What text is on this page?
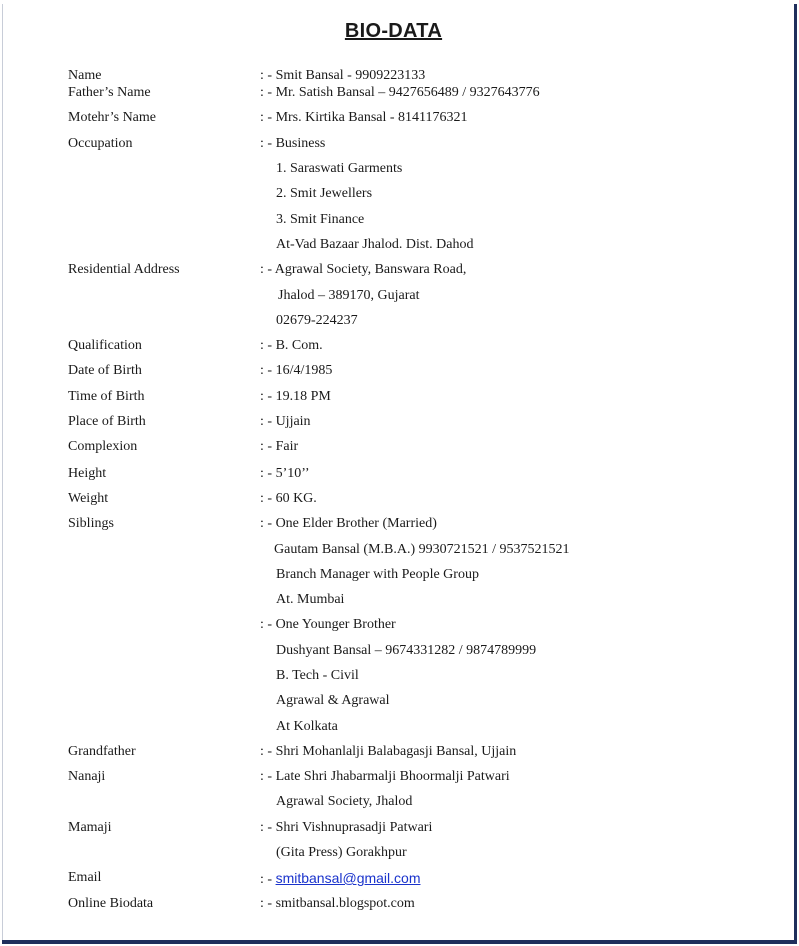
BIO-DATA
Name	: - Smit Bansal - 9909223133
Father’s Name	: - Mr. Satish Bansal – 9427656489 / 9327643776
Motehr’s Name	: - Mrs. Kirtika Bansal - 8141176321
Occupation	: - Business
1. Saraswati Garments
2. Smit Jewellers
3. Smit Finance
At-Vad Bazaar Jhalod. Dist. Dahod
Residential Address	: - Agrawal Society, Banswara Road,
Jhalod – 389170, Gujarat
02679-224237
Qualification	: - B. Com.
Date of Birth	: - 16/4/1985
Time of Birth	: - 19.18 PM
Place of Birth	: - Ujjain
Complexion	: - Fair
Height	: - 5’10’’
Weight	: - 60 KG.
Siblings	: - One Elder Brother (Married)
Gautam Bansal (M.B.A.) 9930721521 / 9537521521
Branch Manager with People Group
At. Mumbai
: - One Younger Brother
Dushyant Bansal – 9674331282 / 9874789999
B. Tech - Civil
Agrawal & Agrawal
At Kolkata
Grandfather	: - Shri Mohanlalji Balabagasji Bansal, Ujjain
Nanaji	: - Late Shri Jhabarmalji Bhoormalji Patwari
Agrawal Society, Jhalod
Mamaji	: - Shri Vishnuprasadji Patwari
(Gita Press) Gorakhpur
Email	: - smitbansal@gmail.com
Online Biodata	: - smitbansal.blogspot.com
